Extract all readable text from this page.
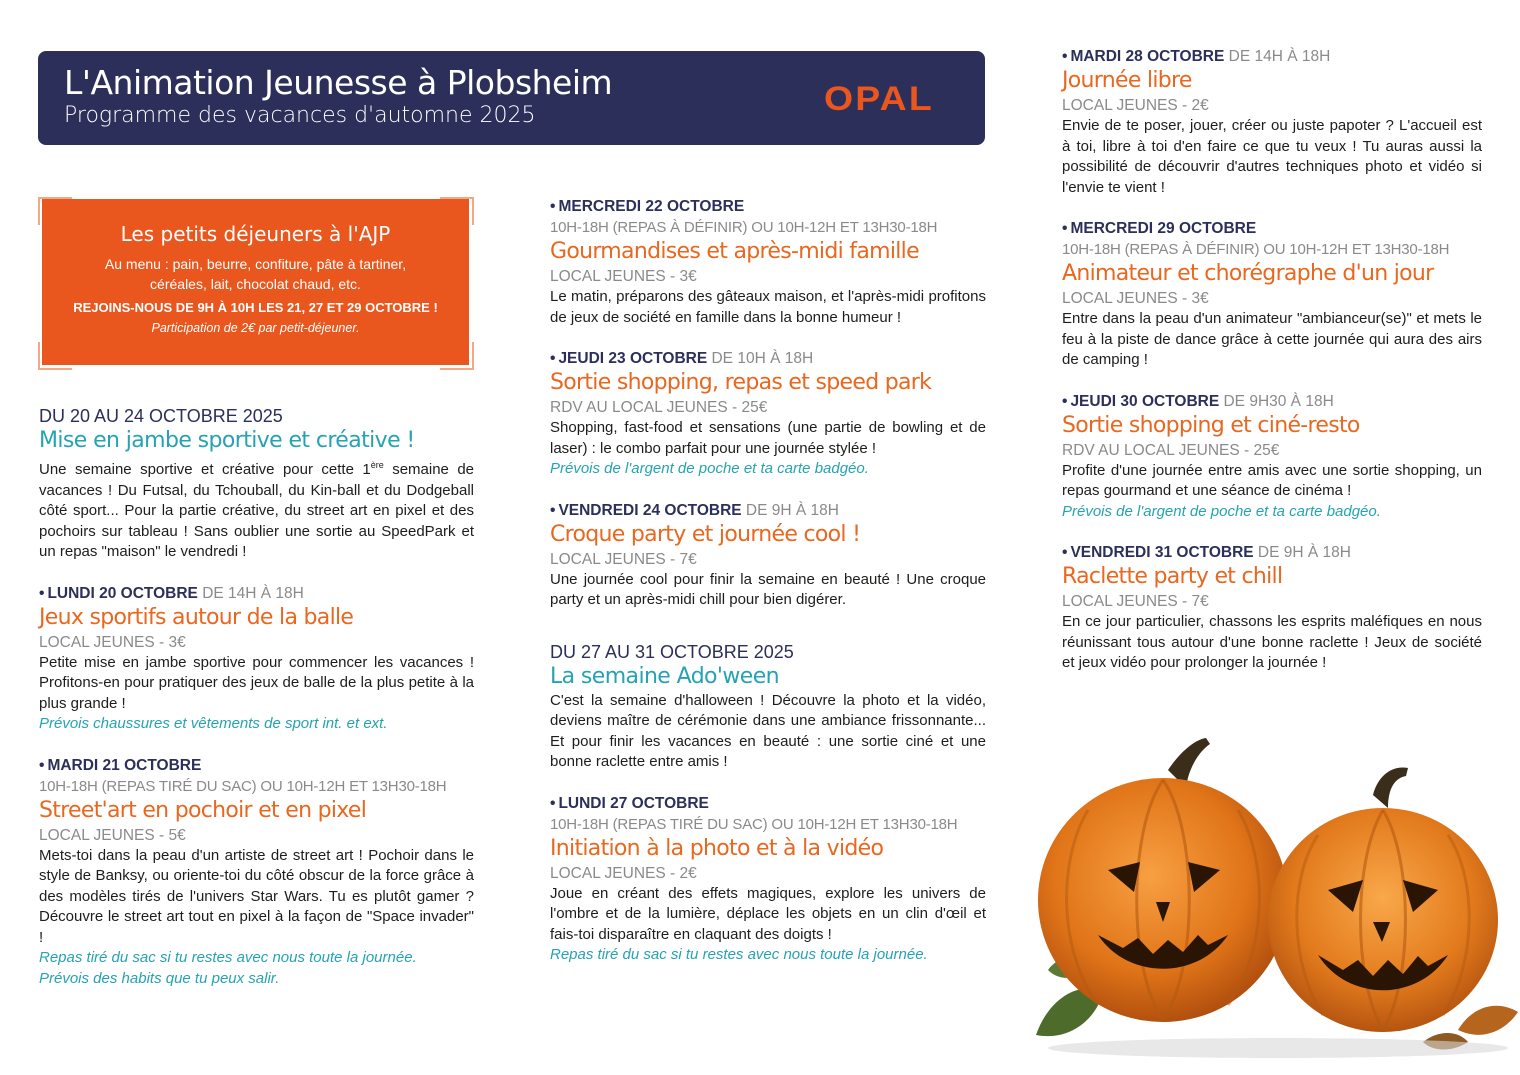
L'Animation Jeunesse à Plobsheim
Programme des vacances d'automne 2025	OPAL
Les petits déjeuners à l'AJP
Au menu : pain, beurre, confiture, pâte à tartiner,
céréales, lait, chocolat chaud, etc.
REJOINS-NOUS DE 9H À 10H LES 21, 27 ET 29 OCTOBRE !
Participation de 2€ par petit-déjeuner.
DU 20 AU 24 OCTOBRE 2025
Mise en jambe sportive et créative !
Une semaine sportive et créative pour cette 1ère semaine de vacances ! Du Futsal, du Tchouball, du Kin-ball et du Dodgeball côté sport... Pour la partie créative, du street art en pixel et des pochoirs sur tableau ! Sans oublier une sortie au SpeedPark et un repas "maison" le vendredi !
• LUNDI 20 OCTOBRE DE 14H À 18H
Jeux sportifs autour de la balle
LOCAL JEUNES - 3€
Petite mise en jambe sportive pour commencer les vacances ! Profitons-en pour pratiquer des jeux de balle de la plus petite à la plus grande !
Prévois chaussures et vêtements de sport int. et ext.
• MARDI 21 OCTOBRE
10H-18H (REPAS TIRÉ DU SAC) OU 10H-12H ET 13H30-18H
Street'art en pochoir et en pixel
LOCAL JEUNES - 5€
Mets-toi dans la peau d'un artiste de street art ! Pochoir dans le style de Banksy, ou oriente-toi du côté obscur de la force grâce à des modèles tirés de l'univers Star Wars. Tu es plutôt gamer ? Découvre le street art tout en pixel à la façon de "Space invader" !
Repas tiré du sac si tu restes avec nous toute la journée.
Prévois des habits que tu peux salir.
• MERCREDI 22 OCTOBRE
10H-18H (REPAS À DÉFINIR) OU 10H-12H ET 13H30-18H
Gourmandises et après-midi famille
LOCAL JEUNES - 3€
Le matin, préparons des gâteaux maison, et l'après-midi profitons de jeux de société en famille dans la bonne humeur !
• JEUDI 23 OCTOBRE DE 10H À 18H
Sortie shopping, repas et speed park
RDV AU LOCAL JEUNES - 25€
Shopping, fast-food et sensations (une partie de bowling et de laser) : le combo parfait pour une journée stylée !
Prévois de l'argent de poche et ta carte badgéo.
• VENDREDI 24 OCTOBRE DE 9H À 18H
Croque party et journée cool !
LOCAL JEUNES - 7€
Une journée cool pour finir la semaine en beauté ! Une croque party et un après-midi chill pour bien digérer.
DU 27 AU 31 OCTOBRE 2025
La semaine Ado'ween
C'est la semaine d'halloween ! Découvre la photo et la vidéo, deviens maître de cérémonie dans une ambiance frissonnante... Et pour finir les vacances en beauté : une sortie ciné et une bonne raclette entre amis !
• LUNDI 27 OCTOBRE
10H-18H (REPAS TIRÉ DU SAC) OU 10H-12H ET 13H30-18H
Initiation à la photo et à la vidéo
LOCAL JEUNES - 2€
Joue en créant des effets magiques, explore les univers de l'ombre et de la lumière, déplace les objets en un clin d'œil et fais-toi disparaître en claquant des doigts !
Repas tiré du sac si tu restes avec nous toute la journée.
• MARDI 28 OCTOBRE DE 14H À 18H
Journée libre
LOCAL JEUNES - 2€
Envie de te poser, jouer, créer ou juste papoter ? L'accueil est à toi, libre à toi d'en faire ce que tu veux ! Tu auras aussi la possibilité de découvrir d'autres techniques photo et vidéo si l'envie te vient !
• MERCREDI 29 OCTOBRE
10H-18H (REPAS À DÉFINIR) OU 10H-12H ET 13H30-18H
Animateur et chorégraphe d'un jour
LOCAL JEUNES - 3€
Entre dans la peau d'un animateur "ambianceur(se)" et mets le feu à la piste de dance grâce à cette journée qui aura des airs de camping !
• JEUDI 30 OCTOBRE DE 9H30 À 18H
Sortie shopping et ciné-resto
RDV AU LOCAL JEUNES - 25€
Profite d'une journée entre amis avec une sortie shopping, un repas gourmand et une séance de cinéma !
Prévois de l'argent de poche et ta carte badgéo.
• VENDREDI 31 OCTOBRE DE 9H À 18H
Raclette party et chill
LOCAL JEUNES - 7€
En ce jour particulier, chassons les esprits maléfiques en nous réunissant tous autour d'une bonne raclette ! Jeux de société et jeux vidéo pour prolonger la journée !
